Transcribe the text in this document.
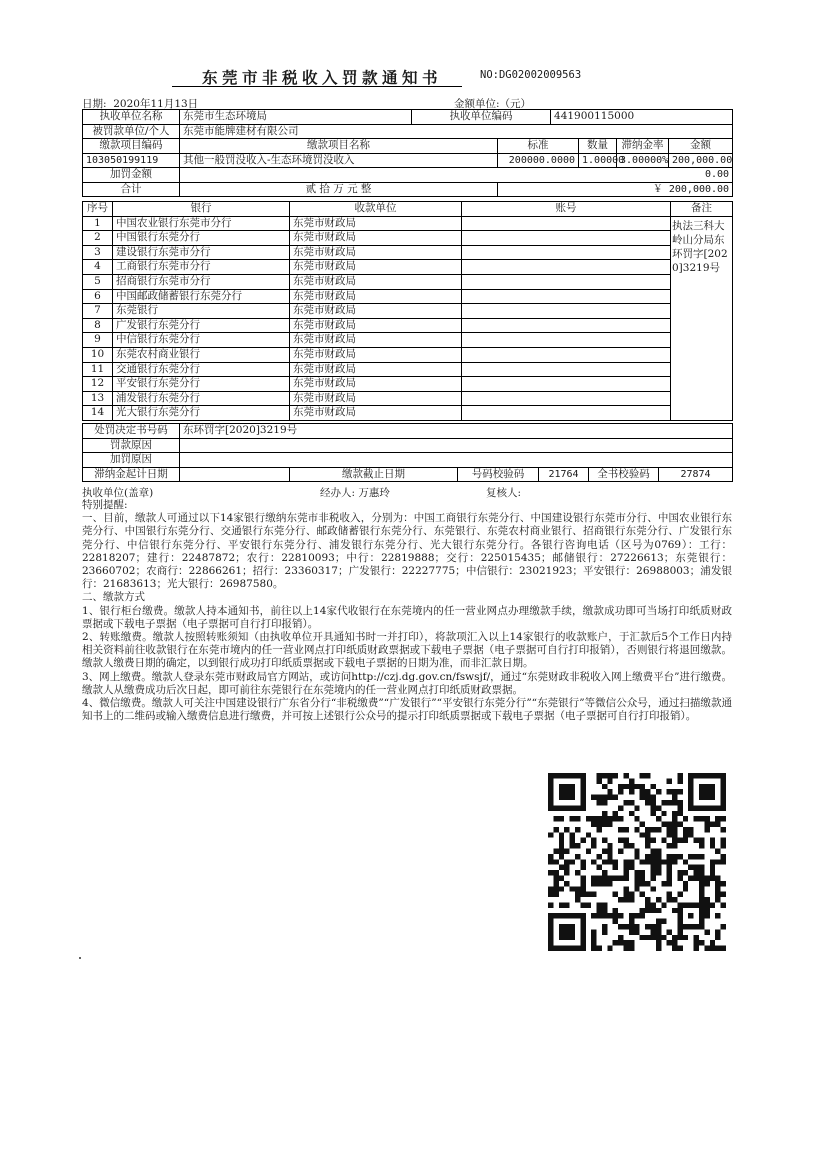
东莞市非税收入罚款通知书	NO:DG02002009563
日期: 2020年11月13日	金额单位:（元）
执收单位名称	东莞市生态环境局	执收单位编码		441900115000			
被罚款单位/个人	东莞市能牌建材有限公司						
缴款项目编码	缴款项目名称		标准		数量	滞纳金率	金额
103050199119	其他一般罚没收入-生态环境罚没收入		200000.0000		1.00000	3.00000%	200,000.00
加罚金额	0.00						
合计	贰 拾 万 元 整		￥ 200,000.00				
序号	银行	收款单位	账号	备注
1	中国农业银行东莞市分行	东莞市财政局		执法三科大岭山分局东环罚字[2020]3219号
2	中国银行东莞分行	东莞市财政局		
3	建设银行东莞市分行	东莞市财政局		
4	工商银行东莞市分行	东莞市财政局		
5	招商银行东莞市分行	东莞市财政局		
6	中国邮政储蓄银行东莞分行	东莞市财政局		
7	东莞银行	东莞市财政局		
8	广发银行东莞分行	东莞市财政局		
9	中信银行东莞分行	东莞市财政局		
10	东莞农村商业银行	东莞市财政局		
11	交通银行东莞分行	东莞市财政局		
12	平安银行东莞分行	东莞市财政局		
13	浦发银行东莞分行	东莞市财政局		
14	光大银行东莞分行	东莞市财政局		
处罚决定书号码	东环罚字[2020]3219号					
罚款原因						
加罚原因						
滞纳金起计日期		缴款截止日期	号码校验码	21764	全书校验码	27874
执收单位(盖章)	经办人: 万惠玲	复核人:

特别提醒:

一、目前，缴款人可通过以下14家银行缴纳东莞市非税收入，分别为：中国工商银行东莞分行、中国建设银行东莞市分行、中国农业银行东莞分行、中国银行东莞分行、交通银行东莞分行、邮政储蓄银行东莞分行、东莞银行、东莞农村商业银行、招商银行东莞分行、广发银行东莞分行、中信银行东莞分行、平安银行东莞分行、浦发银行东莞分行、光大银行东莞分行。各银行咨询电话（区号为0769）：工行：22818207；建行：22487872；农行：22810093；中行：22819888；交行：225015435；邮储银行：27226613；东莞银行：23660702；农商行：22866261；招行：23360317；广发银行：22227775；中信银行：23021923；平安银行：26988003；浦发银行：21683613；光大银行：26987580。

二、缴款方式

1、银行柜台缴费。缴款人持本通知书，前往以上14家代收银行在东莞境内的任一营业网点办理缴款手续，缴款成功即可当场打印纸质财政票据或下载电子票据（电子票据可自行打印报销）。

2、转账缴费。缴款人按照转账须知（由执收单位开具通知书时一并打印），将款项汇入以上14家银行的收款账户，于汇款后5个工作日内持相关资料前往收款银行在东莞市境内的任一营业网点打印纸质财政票据或下载电子票据（电子票据可自行打印报销），否则银行将退回缴款。缴款人缴费日期的确定，以到银行成功打印纸质票据或下载电子票据的日期为准，而非汇款日期。

3、网上缴费。缴款人登录东莞市财政局官方网站，或访问http://czj.dg.gov.cn/fswsjf/，通过“东莞财政非税收入网上缴费平台”进行缴费。缴款人从缴费成功后次日起，即可前往东莞银行在东莞境内的任一营业网点打印纸质财政票据。

4、微信缴费。缴款人可关注中国建设银行广东省分行“非税缴费”“广发银行”“平安银行东莞分行”“东莞银行”等微信公众号，通过扫描缴款通知书上的二维码或输入缴费信息进行缴费，并可按上述银行公众号的提示打印纸质票据或下载电子票据（电子票据可自行打印报销）。
